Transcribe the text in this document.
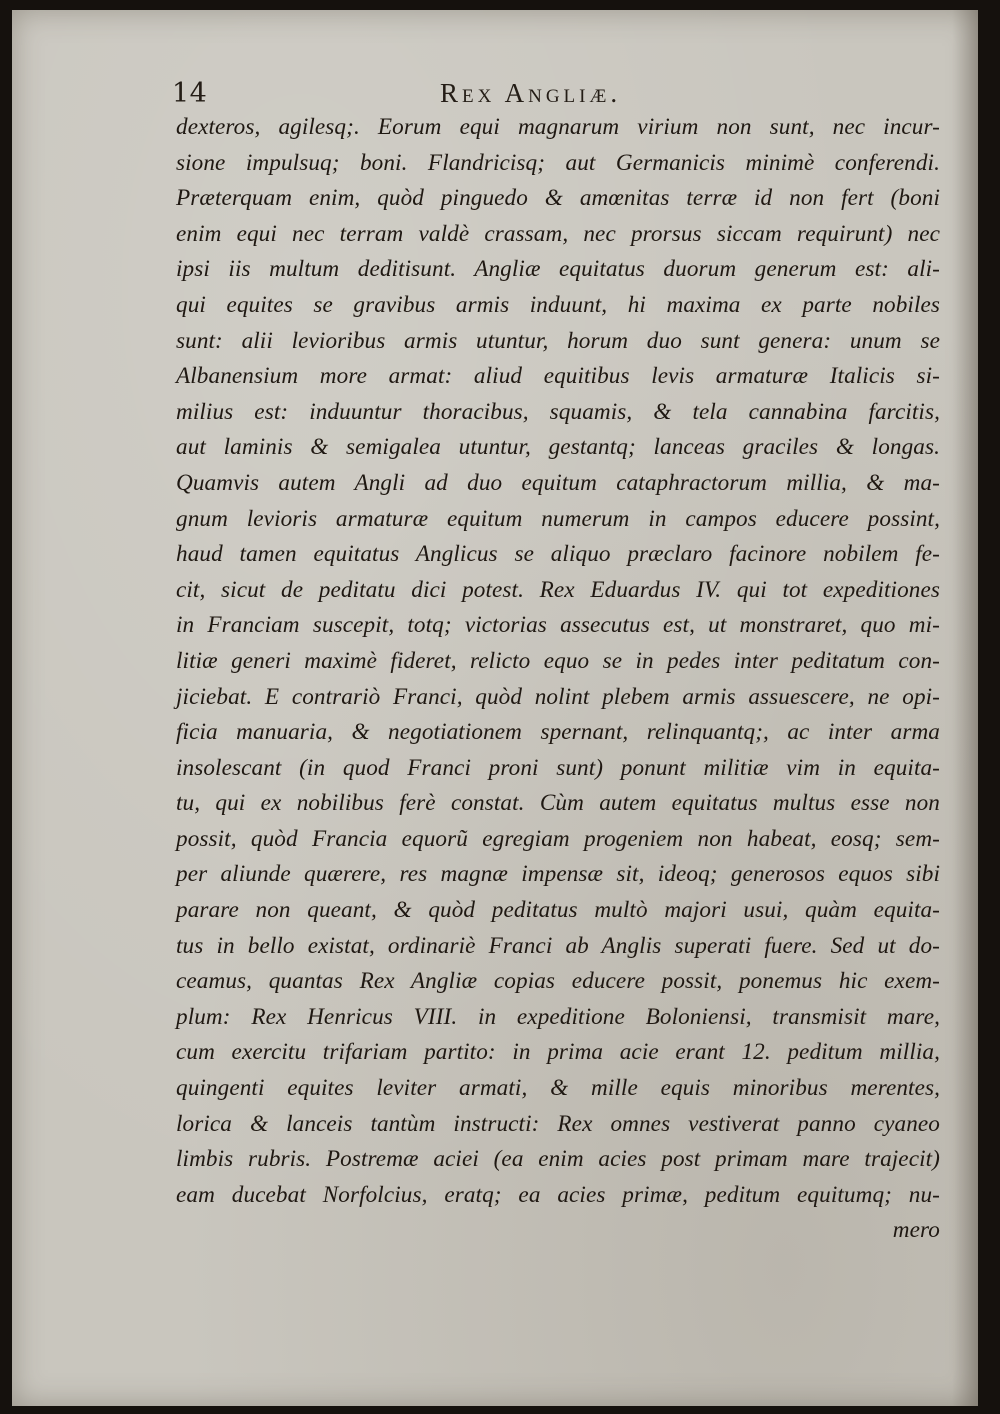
14	Rex Angliæ.
dexteros, agilesq;. Eorum equi magnarum virium non sunt, nec incur-
sione impulsuq; boni. Flandricisq; aut Germanicis minimè conferendi.
Præterquam enim, quòd pinguedo & amœnitas terræ id non fert (boni
enim equi nec terram valdè crassam, nec prorsus siccam requirunt) nec
ipsi iis multum deditisunt. Angliæ equitatus duorum generum est: ali-
qui equites se gravibus armis induunt, hi maxima ex parte nobiles
sunt: alii levioribus armis utuntur, horum duo sunt genera: unum se
Albanensium more armat: aliud equitibus levis armaturæ Italicis si-
milius est: induuntur thoracibus, squamis, & tela cannabina farcitis,
aut laminis & semigalea utuntur, gestantq; lanceas graciles & longas.
Quamvis autem Angli ad duo equitum cataphractorum millia, & ma-
gnum levioris armaturæ equitum numerum in campos educere possint,
haud tamen equitatus Anglicus se aliquo præclaro facinore nobilem fe-
cit, sicut de peditatu dici potest. Rex Eduardus IV. qui tot expeditiones
in Franciam suscepit, totq; victorias assecutus est, ut monstraret, quo mi-
litiæ generi maximè fideret, relicto equo se in pedes inter peditatum con-
jiciebat. E contrariò Franci, quòd nolint plebem armis assuescere, ne opi-
ficia manuaria, & negotiationem spernant, relinquantq;, ac inter arma
insolescant (in quod Franci proni sunt) ponunt militiæ vim in equita-
tu, qui ex nobilibus ferè constat. Cùm autem equitatus multus esse non
possit, quòd Francia equorũ egregiam progeniem non habeat, eosq; sem-
per aliunde quærere, res magnæ impensæ sit, ideoq; generosos equos sibi
parare non queant, & quòd peditatus multò majori usui, quàm equita-
tus in bello existat, ordinariè Franci ab Anglis superati fuere. Sed ut do-
ceamus, quantas Rex Angliæ copias educere possit, ponemus hic exem-
plum: Rex Henricus VIII. in expeditione Boloniensi, transmisit mare,
cum exercitu trifariam partito: in prima acie erant 12. peditum millia,
quingenti equites leviter armati, & mille equis minoribus merentes,
lorica & lanceis tantùm instructi: Rex omnes vestiverat panno cyaneo
limbis rubris. Postremæ aciei (ea enim acies post primam mare trajecit)
eam ducebat Norfolcius, eratq; ea acies primæ, peditum equitumq; nu-
mero
